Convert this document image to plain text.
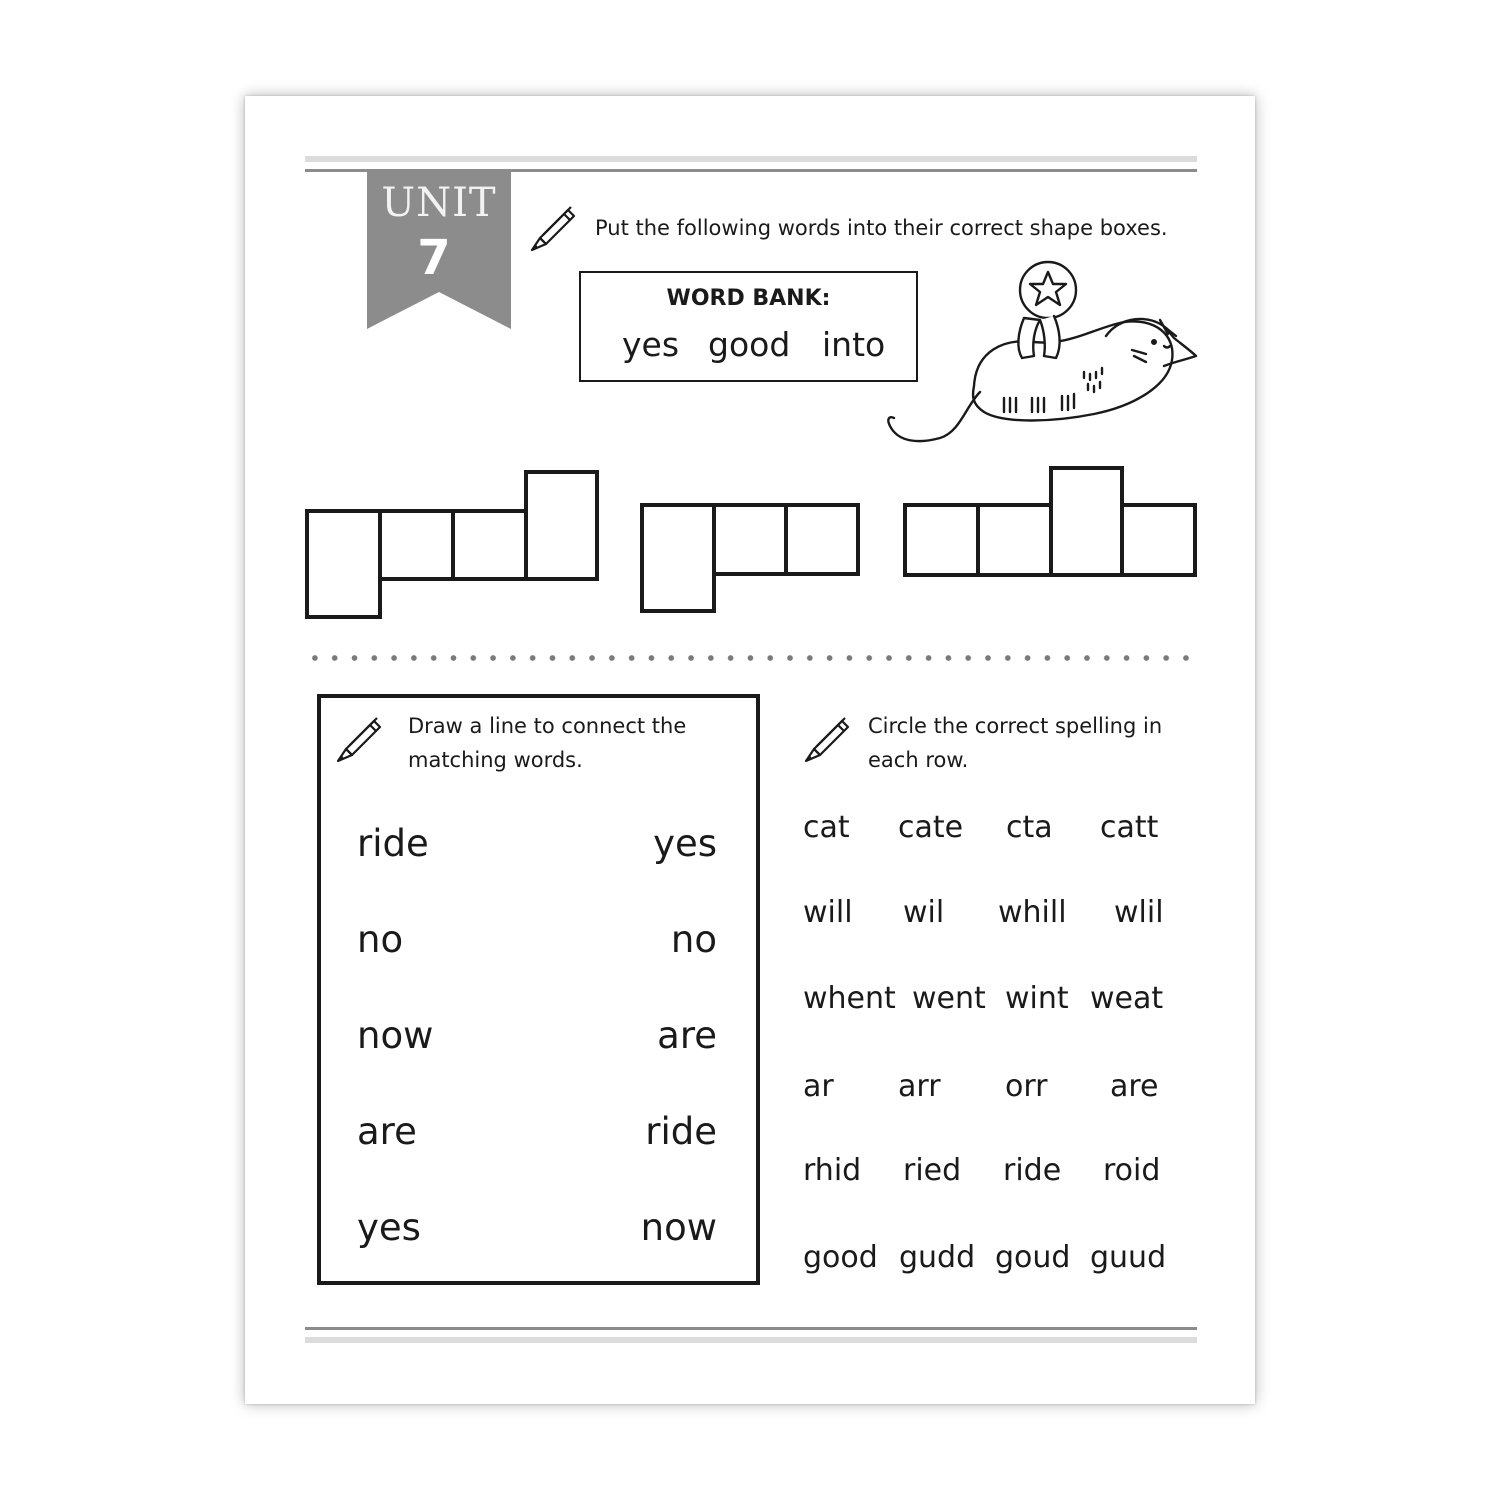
UNIT
7
Put the following words into their correct shape boxes.
WORD BANK:
yes good into
Draw a line to connect the
matching words.
ride
no
now
are
yes
yes
no
are
ride
now
Circle the correct spelling in
each row.
cat cate cta catt
will wil whill wlil
whent went wint weat
ar arr orr are
rhid ried ride roid
good gudd goud guud
